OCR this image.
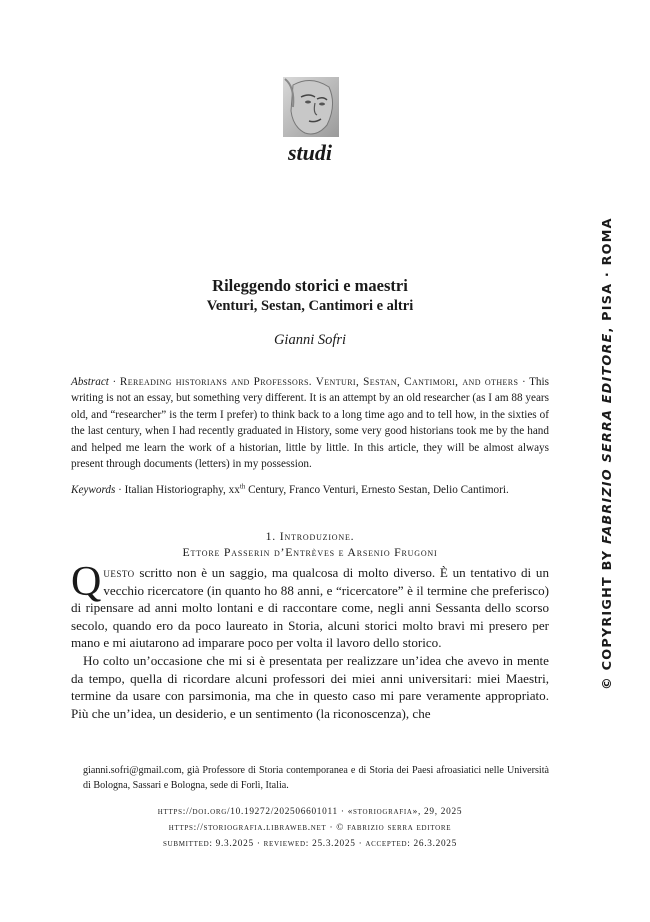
studi
Rileggendo storici e maestri
Venturi, Sestan, Cantimori e altri
Gianni Sofri
Abstract · Rereading historians and Professors. Venturi, Sestan, Cantimori, and others · This writing is not an essay, but something very different. It is an attempt by an old researcher (as I am 88 years old, and “researcher” is the term I prefer) to think back to a long time ago and to tell how, in the sixties of the last century, when I had recently graduated in History, some very good historians took me by the hand and helped me learn the work of a historian, little by little. In this article, they will be almost always present through documents (letters) in my possession.
Keywords · Italian Historiography, $xx^{th}$ Century, Franco Venturi, Ernesto Sestan, Delio Cantimori.
1. Introduzione.
Ettore Passerin d’Entrèves e Arsenio Frugoni

Questo scritto non è un saggio, ma qualcosa di molto diverso. È un tentativo di un vecchio ricercatore (in quanto ho 88 anni, e “ricercatore” è il termine che preferisco) di ripensare ad anni molto lontani e di raccontare come, negli anni Sessanta dello scorso secolo, quando ero da poco laureato in Storia, alcuni storici molto bravi mi presero per mano e mi aiutarono ad imparare poco per volta il lavoro dello storico.

Ho colto un’occasione che mi si è presentata per realizzare un’idea che avevo in mente da tempo, quella di ricordare alcuni professori dei miei anni universitari: miei Maestri, termine da usare con parsimonia, ma che in questo caso mi pare veramente appropriato. Più che un’idea, un desiderio, e un sentimento (la riconoscenza), che

gianni.sofri@gmail.com, già Professore di Storia contemporanea e di Storia dei Paesi afroasiatici nelle Università di Bologna, Sassari e Bologna, sede di Forlì, Italia.
https://doi.org/10.19272/202506601011 · «storiografia», 29, 2025
https://storiografia.libraweb.net · © fabrizio serra editore
submitted: 9.3.2025 · reviewed: 25.3.2025 · accepted: 26.3.2025
© COPYRIGHT BY FABRIZIO SERRA EDITORE, PISA · ROMA
